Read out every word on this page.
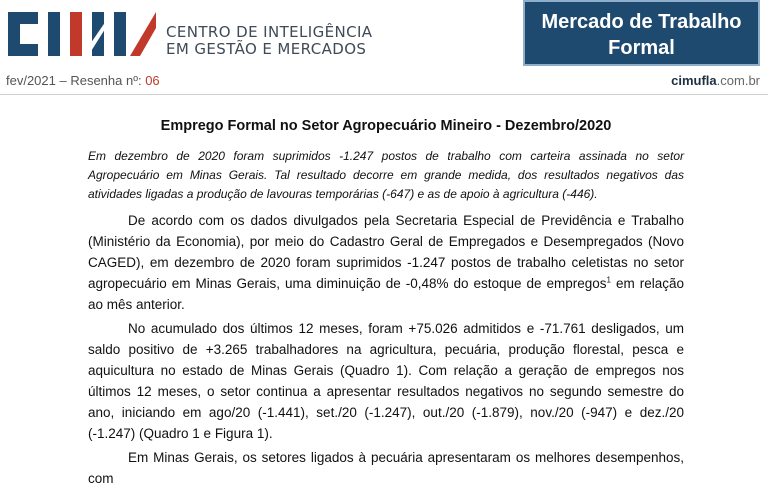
CENTRO DE INTELIGÊNCIA
EM GESTÃO E MERCADOS
Mercado de Trabalho
Formal
fev/2021 – Resenha nº: 06	cimufla.com.br
Emprego Formal no Setor Agropecuário Mineiro - Dezembro/2020

Em dezembro de 2020 foram suprimidos -1.247 postos de trabalho com carteira assinada no setor Agropecuário em Minas Gerais. Tal resultado decorre em grande medida, dos resultados negativos das atividades ligadas a produção de lavouras temporárias (-647) e as de apoio à agricultura (-446).

De acordo com os dados divulgados pela Secretaria Especial de Previdência e Trabalho (Ministério da Economia), por meio do Cadastro Geral de Empregados e Desempregados (Novo CAGED), em dezembro de 2020 foram suprimidos -1.247 postos de trabalho celetistas no setor agropecuário em Minas Gerais, uma diminuição de -0,48% do estoque de empregos$^1$ em relação ao mês anterior.

No acumulado dos últimos 12 meses, foram +75.026 admitidos e -71.761 desligados, um saldo positivo de +3.265 trabalhadores na agricultura, pecuária, produção florestal, pesca e aquicultura no estado de Minas Gerais (Quadro 1). Com relação a geração de empregos nos últimos 12 meses, o setor continua a apresentar resultados negativos no segundo semestre do ano, iniciando em ago/20 (-1.441), set./20 (-1.247), out./20 (-1.879), nov./20 (-947) e dez./20 (-1.247) (Quadro 1 e Figura 1).

Em Minas Gerais, os setores ligados à pecuária apresentaram os melhores desempenhos, com
